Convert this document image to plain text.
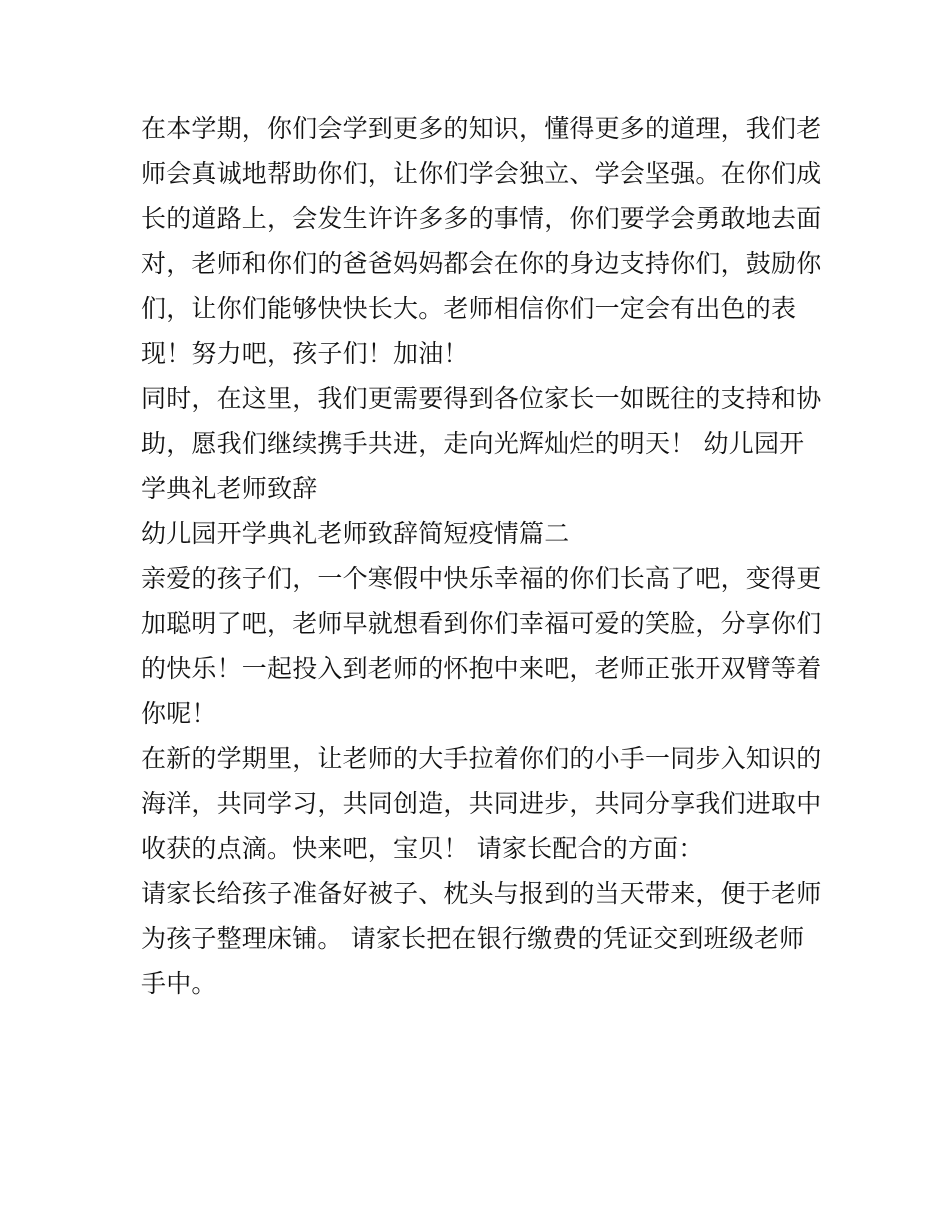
在本学期，你们会学到更多的知识，懂得更多的道理，我们老
师会真诚地帮助你们，让你们学会独立、学会坚强。在你们成
长的道路上，会发生许许多多的事情，你们要学会勇敢地去面
对，老师和你们的爸爸妈妈都会在你的身边支持你们，鼓励你
们，让你们能够快快长大。老师相信你们一定会有出色的表
现！努力吧，孩子们！加油！
同时，在这里，我们更需要得到各位家长一如既往的支持和协
助，愿我们继续携手共进，走向光辉灿烂的明天！ 幼儿园开
学典礼老师致辞
幼儿园开学典礼老师致辞简短疫情篇二
亲爱的孩子们，一个寒假中快乐幸福的你们长高了吧，变得更
加聪明了吧，老师早就想看到你们幸福可爱的笑脸，分享你们
的快乐！一起投入到老师的怀抱中来吧，老师正张开双臂等着
你呢！
在新的学期里，让老师的大手拉着你们的小手一同步入知识的
海洋，共同学习，共同创造，共同进步，共同分享我们进取中
收获的点滴。快来吧，宝贝！ 请家长配合的方面：
请家长给孩子准备好被子、枕头与报到的当天带来，便于老师
为孩子整理床铺。 请家长把在银行缴费的凭证交到班级老师
手中。
